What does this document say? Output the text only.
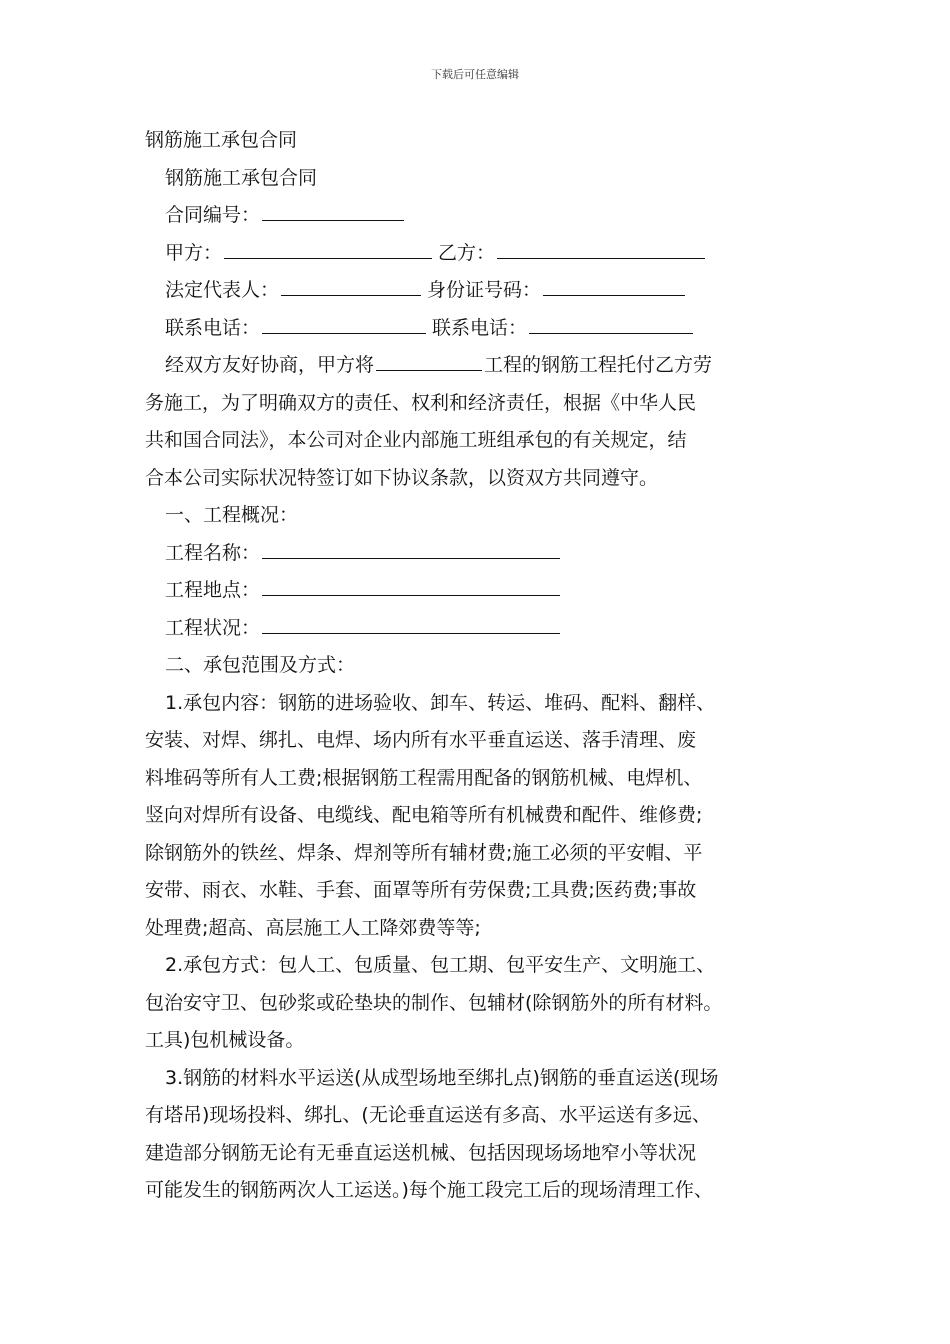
下载后可任意编辑
钢筋施工承包合同
钢筋施工承包合同
合同编号：
甲方：	乙方：
法定代表人：	身份证号码：
联系电话：	联系电话：
经双方友好协商，甲方将	工程的钢筋工程托付乙方劳
务施工，为了明确双方的责任、权利和经济责任，根据《中华人民
共和国合同法》，本公司对企业内部施工班组承包的有关规定，结
合本公司实际状况特签订如下协议条款，以资双方共同遵守。
一、工程概况：
工程名称：
工程地点：
工程状况：
二、承包范围及方式：
1.承包内容：钢筋的进场验收、卸车、转运、堆码、配料、翻样、
安装、对焊、绑扎、电焊、场内所有水平垂直运送、落手清理、废
料堆码等所有人工费;根据钢筋工程需用配备的钢筋机械、电焊机、
竖向对焊所有设备、电缆线、配电箱等所有机械费和配件、维修费;
除钢筋外的铁丝、焊条、焊剂等所有辅材费;施工必须的平安帽、平
安带、雨衣、水鞋、手套、面罩等所有劳保费;工具费;医药费;事故
处理费;超高、高层施工人工降郊费等等;
2.承包方式：包人工、包质量、包工期、包平安生产、文明施工、
包治安守卫、包砂浆或砼垫块的制作、包辅材(除钢筋外的所有材料。
工具)包机械设备。
3.钢筋的材料水平运送(从成型场地至绑扎点)钢筋的垂直运送(现场
有塔吊)现场投料、绑扎、(无论垂直运送有多高、水平运送有多远、
建造部分钢筋无论有无垂直运送机械、包括因现场场地窄小等状况
可能发生的钢筋两次人工运送。)每个施工段完工后的现场清理工作、
